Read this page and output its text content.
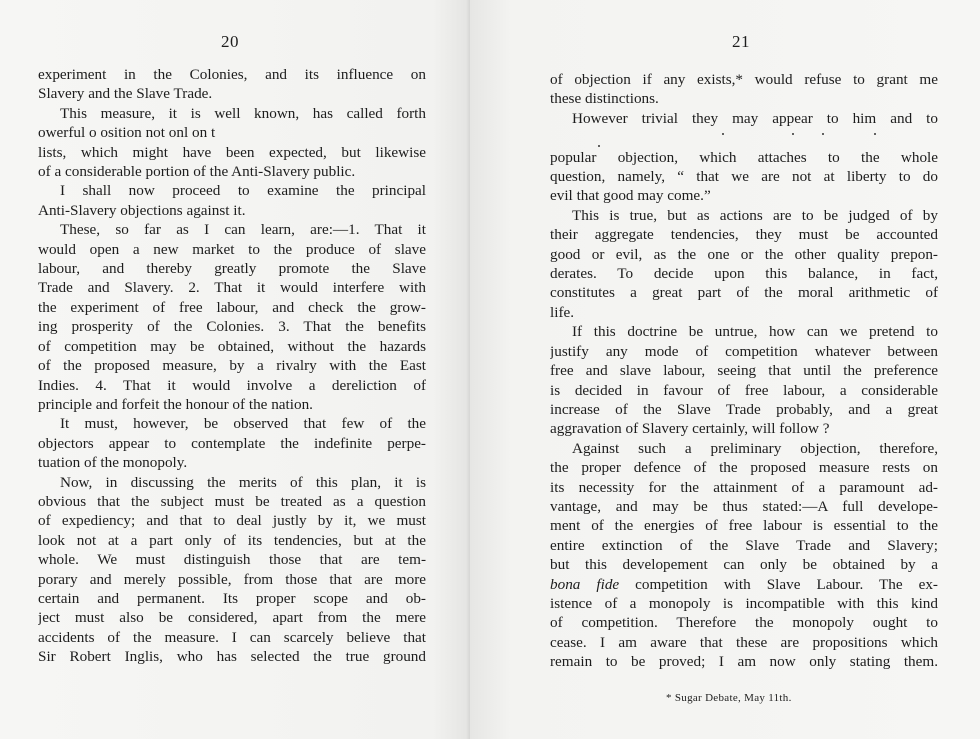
20
experiment in the Colonies, and its influence on
Slavery and the Slave Trade.
This measure, it is well known, has called forth
owerful o osition not onl on t
lists, which might have been expected, but likewise
of a considerable portion of the Anti-Slavery public.
I shall now proceed to examine the principal
Anti-Slavery objections against it.
These, so far as I can learn, are:—1. That it
would open a new market to the produce of slave
labour, and thereby greatly promote the Slave
Trade and Slavery. 2. That it would interfere with
the experiment of free labour, and check the grow-
ing prosperity of the Colonies. 3. That the benefits
of competition may be obtained, without the hazards
of the proposed measure, by a rivalry with the East
Indies. 4. That it would involve a dereliction of
principle and forfeit the honour of the nation.
It must, however, be observed that few of the
objectors appear to contemplate the indefinite perpe-
tuation of the monopoly.
Now, in discussing the merits of this plan, it is
obvious that the subject must be treated as a question
of expediency; and that to deal justly by it, we must
look not at a part only of its tendencies, but at the
whole. We must distinguish those that are tem-
porary and merely possible, from those that are more
certain and permanent. Its proper scope and ob-
ject must also be considered, apart from the mere
accidents of the measure. I can scarcely believe that
Sir Robert Inglis, who has selected the true ground
21
of objection if any exists,* would refuse to grant me
these distinctions.
However trivial they may appear to him and to

popular objection, which attaches to the whole
question, namely, “ that we are not at liberty to do
evil that good may come.”
This is true, but as actions are to be judged of by
their aggregate tendencies, they must be accounted
good or evil, as the one or the other quality prepon-
derates. To decide upon this balance, in fact,
constitutes a great part of the moral arithmetic of
life.
If this doctrine be untrue, how can we pretend to
justify any mode of competition whatever between
free and slave labour, seeing that until the preference
is decided in favour of free labour, a considerable
increase of the Slave Trade probably, and a great
aggravation of Slavery certainly, will follow ?
Against such a preliminary objection, therefore,
the proper defence of the proposed measure rests on
its necessity for the attainment of a paramount ad-
vantage, and may be thus stated:—A full develope-
ment of the energies of free labour is essential to the
entire extinction of the Slave Trade and Slavery;
but this developement can only be obtained by a
bona fide competition with Slave Labour. The ex-
istence of a monopoly is incompatible with this kind
of competition. Therefore the monopoly ought to
cease. I am aware that these are propositions which
remain to be proved; I am now only stating them.
* Sugar Debate, May 11th.
